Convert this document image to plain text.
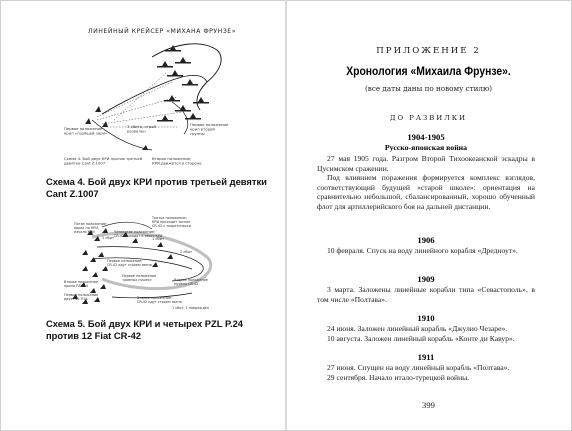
ЛИНЕЙНЫЙ КРЕЙСЕР «МИХАНА ФРУНЗЕ»
Первое положение крил «горящей зари»
3 сбита, строй развален
Первое положение крил второй группы
Схема 4. Бой двух КРИ против третьей девятки Cant Z.1007
Второе положение; КРИ движется в стороне
Схема 4. Бой двух КРИ против третьей девятки Cant Z.1007
Пятое положение; вирах на КРИ, начало КРИ
Третье положение; КРИ проходит заслон CR-42 с теоретически
Четвертое положение; CR-42 выходят в хвост КРИ
1 сбит
2 сбит
1 сбит
Первое положение; CR-42 идут строем звена
Первое положение «ровных пушек»
Второе положение крыло PZL-24
Первое положение двух PZL P.24	Второе положение; CR-42 идут строем звена
Второе положение мурена CR-42
1 сбит, 1 поврежден
Схема 5. Бой двух КРИ и четырех PZL P.24 против 12 Fiat CR-42
ПРИЛОЖЕНИЕ 2
Хронология «Михаила Фрунзе».
(все даты даны по новому стилю)
ДО РАЗВИЛКИ
1904-1905
Русско-японская война

27 мая 1905 года. Разгром Второй Тихоокеанской эскадры в Цусимском сражении.

Под влиянием поражения формируется комплекс взглядов, соответствующий будущей «старой школе»: ориентация на сравнительно небольшой, сбалансированный, хорошо обученный флот для артиллерийского боя на дальней дистанции.

1906

10 февраля. Спуск на воду линейного корабля «Дредноут».

1909

3 марта. Заложены линейные корабли типа «Севастополь», в том числе «Полтава».

1910

24 июня. Заложен линейный корабль «Джулио Чезаре».

10 августа. Заложен линейный корабль «Конте ди Кавур».

1911

27 июня. Спущен на воду линейный корабль «Полтава».

29 сентября. Начало итало-турецкой войны.

399
